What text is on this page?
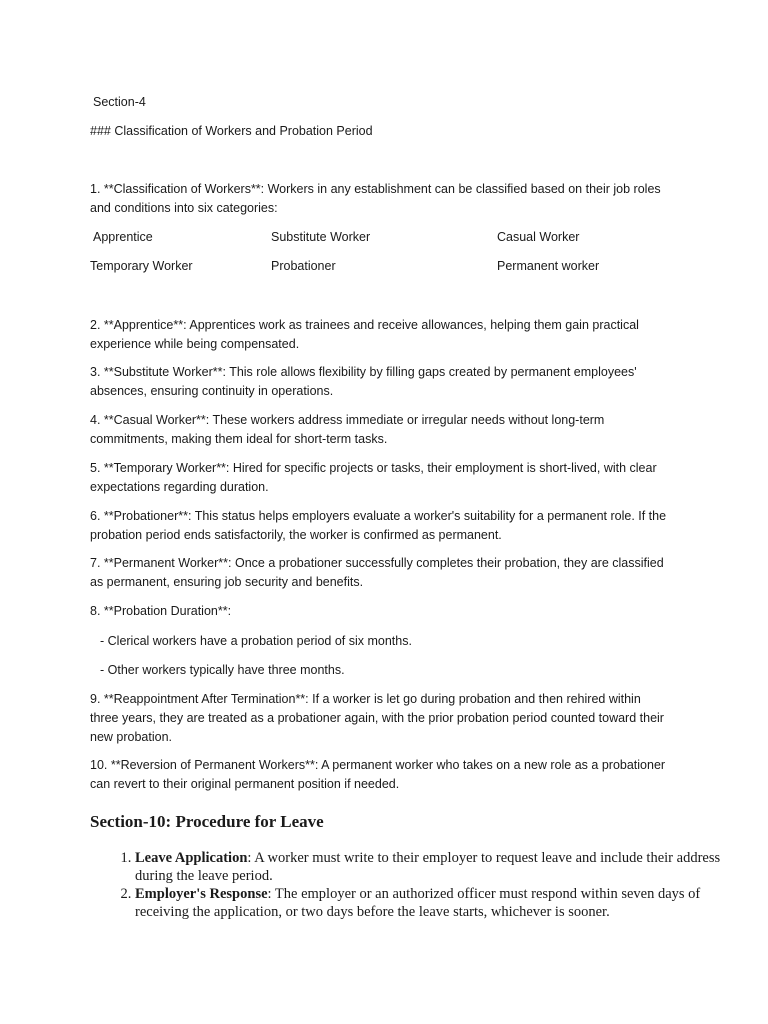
Section-4

### Classification of Workers and Probation Period

1. **Classification of Workers**: Workers in any establishment can be classified based on their job roles and conditions into six categories:

Apprentice	Substitute Worker	Casual Worker
Temporary Worker	Probationer	Permanent worker

2. **Apprentice**: Apprentices work as trainees and receive allowances, helping them gain practical experience while being compensated.

3. **Substitute Worker**: This role allows flexibility by filling gaps created by permanent employees' absences, ensuring continuity in operations.

4. **Casual Worker**: These workers address immediate or irregular needs without long-term commitments, making them ideal for short-term tasks.

5. **Temporary Worker**: Hired for specific projects or tasks, their employment is short-lived, with clear expectations regarding duration.

6. **Probationer**: This status helps employers evaluate a worker's suitability for a permanent role. If the probation period ends satisfactorily, the worker is confirmed as permanent.

7. **Permanent Worker**: Once a probationer successfully completes their probation, they are classified as permanent, ensuring job security and benefits.

8. **Probation Duration**:

- Clerical workers have a probation period of six months.

- Other workers typically have three months.

9. **Reappointment After Termination**: If a worker is let go during probation and then rehired within three years, they are treated as a probationer again, with the prior probation period counted toward their new probation.

10. **Reversion of Permanent Workers**: A permanent worker who takes on a new role as a probationer can revert to their original permanent position if needed.

Section-10: Procedure for Leave
1. Leave Application: A worker must write to their employer to request leave and include their address during the leave period.
2. Employer's Response: The employer or an authorized officer must respond within seven days of receiving the application, or two days before the leave starts, whichever is sooner.
